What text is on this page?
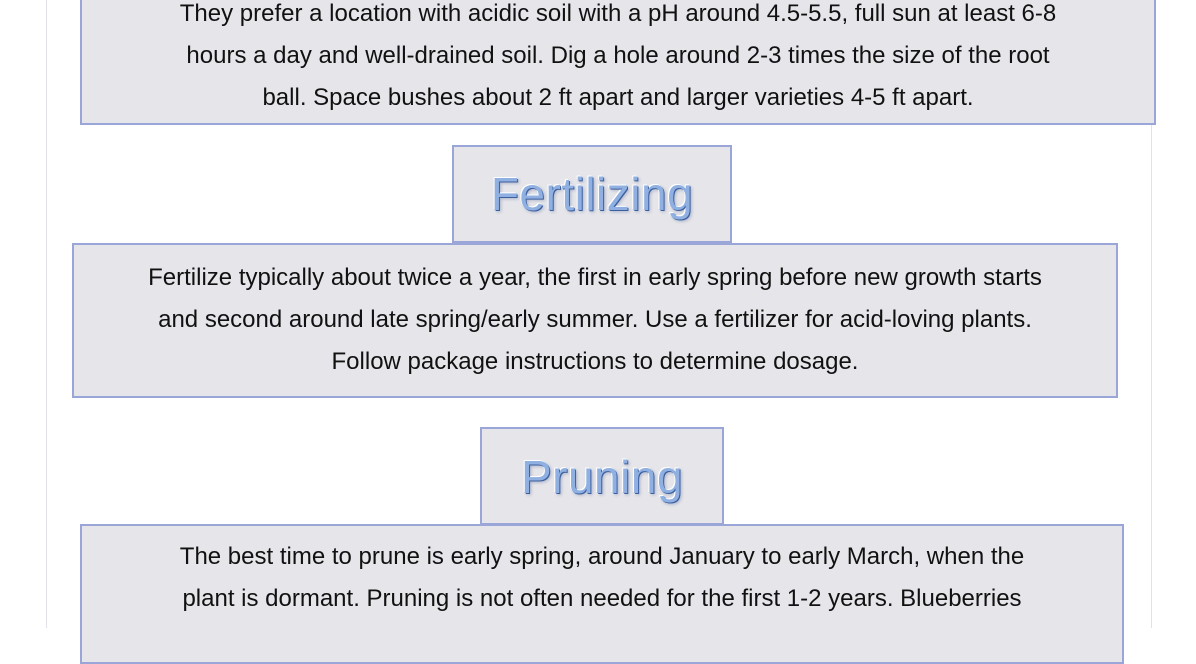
They prefer a location with acidic soil with a pH around 4.5-5.5, full sun at least 6-8
hours a day and well-drained soil. Dig a hole around 2-3 times the size of the root
ball. Space bushes about 2 ft apart and larger varieties 4-5 ft apart.
Fertilizing
Fertilize typically about twice a year, the first in early spring before new growth starts
and second around late spring/early summer. Use a fertilizer for acid-loving plants.
Follow package instructions to determine dosage.
Pruning
The best time to prune is early spring, around January to early March, when the
plant is dormant. Pruning is not often needed for the first 1-2 years. Blueberries
